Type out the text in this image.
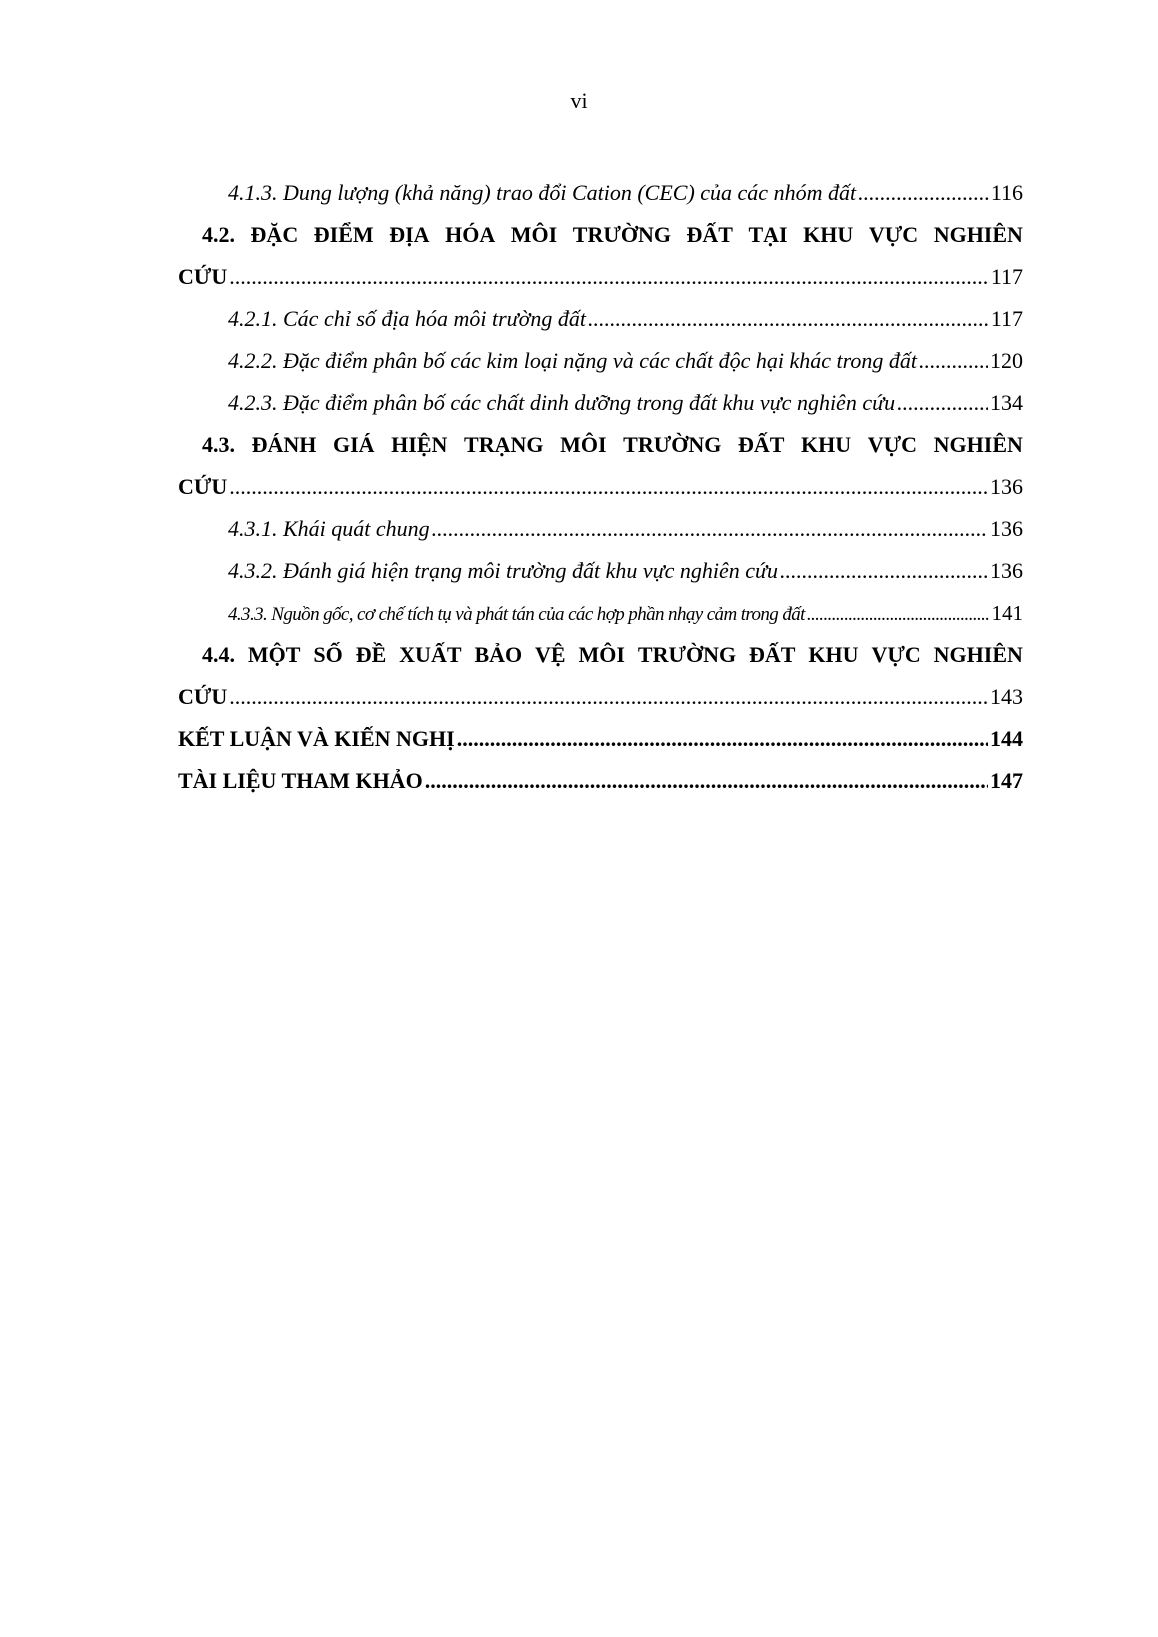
vi
4.1.3. Dung lượng (khả năng) trao đổi Cation (CEC) của các nhóm đất .....	116
4.2. ĐẶC ĐIỂM ĐỊA HÓA MÔI TRƯỜNG ĐẤT TẠI KHU VỰC NGHIÊN
CỨU .....	117
4.2.1. Các chỉ số địa hóa môi trường đất .....	117
4.2.2. Đặc điểm phân bố các kim loại nặng và các chất độc hại khác trong đất .....	120
4.2.3. Đặc điểm phân bố các chất dinh dưỡng trong đất khu vực nghiên cứu .....	134
4.3. ĐÁNH GIÁ HIỆN TRẠNG MÔI TRƯỜNG ĐẤT KHU VỰC NGHIÊN
CỨU .....	136
4.3.1. Khái quát chung .....	136
4.3.2. Đánh giá hiện trạng môi trường đất khu vực nghiên cứu .....	136
4.3.3. Nguồn gốc, cơ chế tích tụ và phát tán của các hợp phần nhạy cảm trong đất .....	141
4.4. MỘT SỐ ĐỀ XUẤT BẢO VỆ MÔI TRƯỜNG ĐẤT KHU VỰC NGHIÊN
CỨU .....	143
KẾT LUẬN VÀ KIẾN NGHỊ .....	144
TÀI LIỆU THAM KHẢO .....	147
